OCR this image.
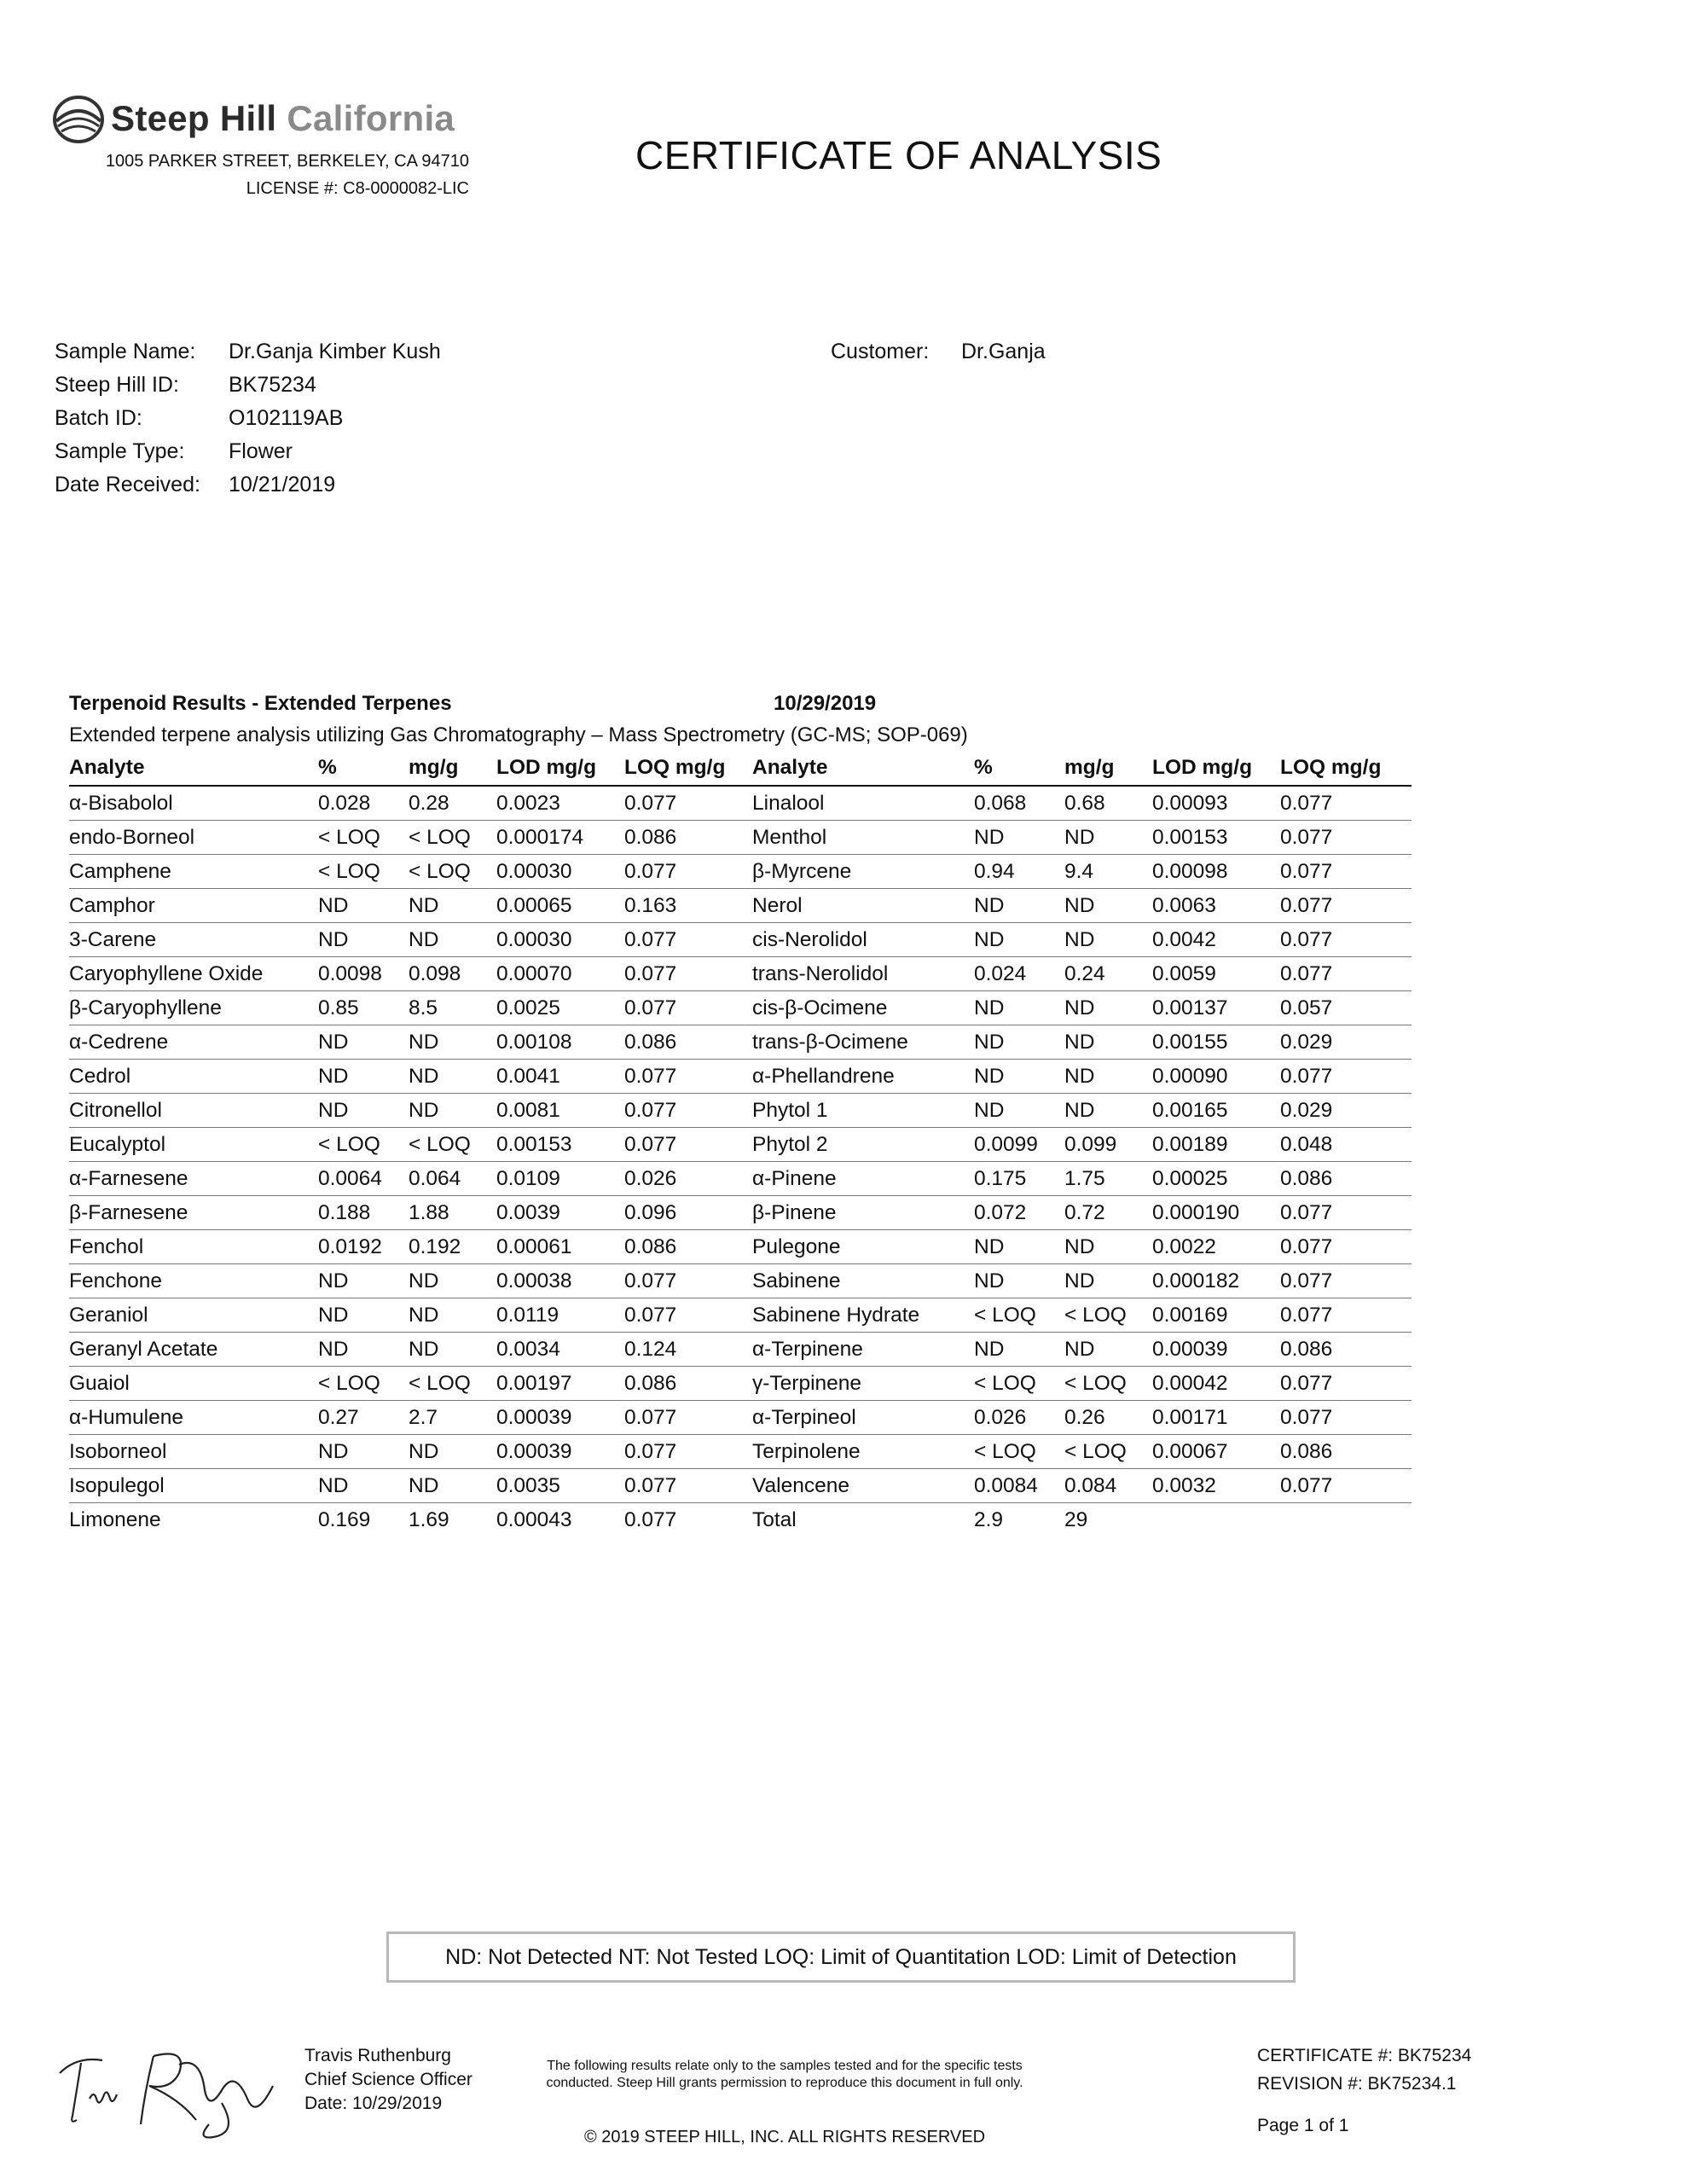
Steep Hill California
1005 PARKER STREET, BERKELEY, CA 94710
LICENSE #: C8-0000082-LIC
CERTIFICATE OF ANALYSIS
Sample Name: Dr.Ganja Kimber Kush
Steep Hill ID: BK75234
Batch ID:	O102119AB
Sample Type: Flower
Date Received: 10/21/2019
Customer: Dr.Ganja
Terpenoid Results - Extended Terpenes	10/29/2019
Extended terpene analysis utilizing Gas Chromatography – Mass Spectrometry (GC-MS; SOP-069)
Analyte	%	mg/g LOD mg/g LOQ mg/g Analyte	%	mg/g LOD mg/g LOQ mg/g
α-Bisabolol	0.028 0.28 0.0023	0.077	Linalool	0.068 0.68 0.00093	0.077
endo-Borneol	< LOQ < LOQ 0.000174 0.086	Menthol	ND	ND	0.00153	0.077
Camphene	< LOQ < LOQ 0.00030	0.077	β-Myrcene	0.94 9.4	0.00098	0.077
Camphor	ND	ND	0.00065	0.163	Nerol	ND	ND	0.0063	0.077
3-Carene	ND	ND	0.00030	0.077	cis-Nerolidol	ND	ND	0.0042	0.077
Caryophyllene Oxide	0.0098 0.098 0.00070	0.077	trans-Nerolidol	0.024 0.24 0.0059	0.077
β-Caryophyllene	0.85 8.5	0.0025	0.077	cis-β-Ocimene	ND	ND	0.00137	0.057
α-Cedrene	ND	ND	0.00108	0.086	trans-β-Ocimene	ND	ND	0.00155	0.029
Cedrol	ND	ND	0.0041	0.077	α-Phellandrene	ND	ND	0.00090	0.077
Citronellol	ND	ND	0.0081	0.077	Phytol 1	ND	ND	0.00165	0.029
Eucalyptol	< LOQ < LOQ 0.00153	0.077	Phytol 2	0.0099 0.099 0.00189	0.048
α-Farnesene	0.0064 0.064 0.0109	0.026	α-Pinene	0.175 1.75 0.00025	0.086
β-Farnesene	0.188 1.88 0.0039	0.096	β-Pinene	0.072 0.72 0.000190 0.077
Fenchol	0.0192 0.192 0.00061	0.086	Pulegone	ND	ND	0.0022	0.077
Fenchone	ND	ND	0.00038	0.077	Sabinene	ND	ND	0.000182 0.077
Geraniol	ND	ND	0.0119	0.077	Sabinene Hydrate	< LOQ < LOQ 0.00169	0.077
Geranyl Acetate	ND	ND	0.0034	0.124	α-Terpinene	ND	ND	0.00039	0.086
Guaiol	< LOQ < LOQ 0.00197	0.086	γ-Terpinene	< LOQ < LOQ 0.00042	0.077
α-Humulene	0.27 2.7	0.00039	0.077	α-Terpineol	0.026 0.26 0.00171	0.077
Isoborneol	ND	ND	0.00039	0.077	Terpinolene	< LOQ < LOQ 0.00067	0.086
Isopulegol	ND	ND	0.0035	0.077	Valencene	0.0084 0.084 0.0032	0.077
Limonene	0.169 1.69 0.00043	0.077	Total	2.9	29
ND: Not Detected NT: Not Tested LOQ: Limit of Quantitation LOD: Limit of Detection
Travis Ruthenburg
Chief Science Officer
Date: 10/29/2019
The following results relate only to the samples tested and for the specific tests conducted. Steep Hill grants permission to reproduce this document in full only.
© 2019 STEEP HILL, INC. ALL RIGHTS RESERVED
CERTIFICATE #: BK75234
REVISION #: BK75234.1
Page 1 of 1
